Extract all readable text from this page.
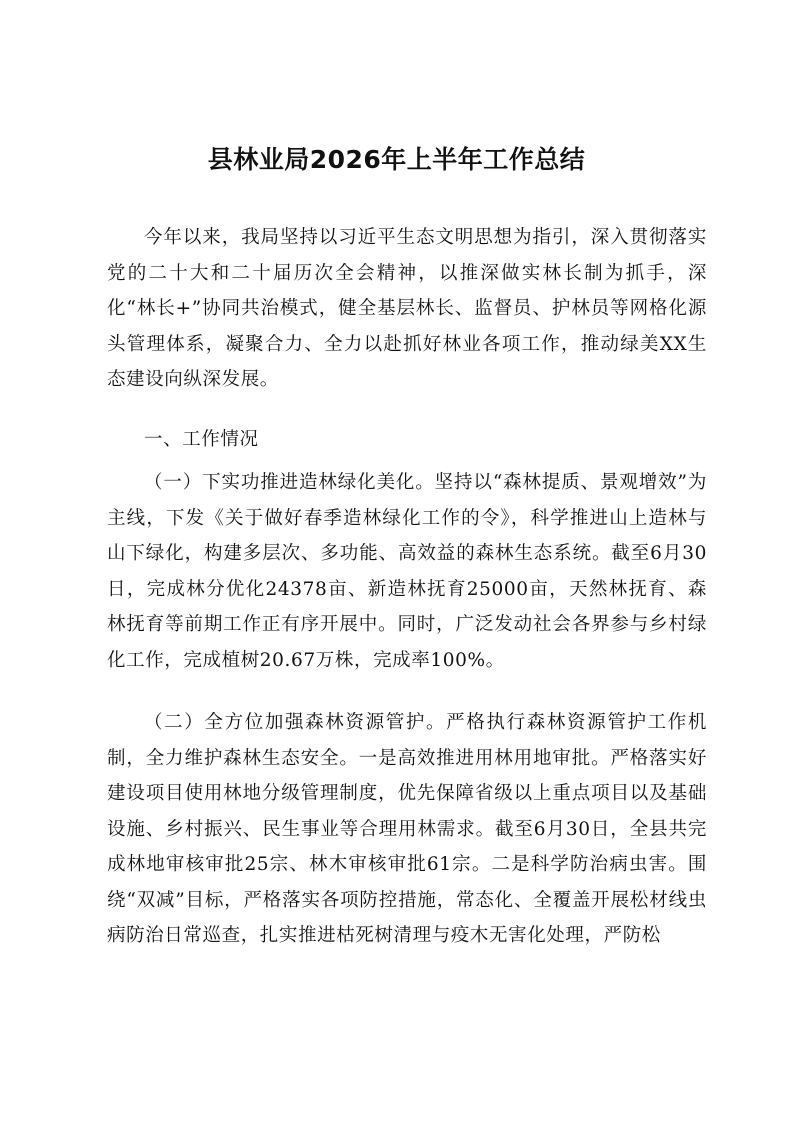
县林业局2026年上半年工作总结

今年以来，我局坚持以习近平生态文明思想为指引，深入贯彻落实党的二十大和二十届历次全会精神，以推深做实林长制为抓手，深化“林长+”协同共治模式，健全基层林长、监督员、护林员等网格化源头管理体系，凝聚合力、全力以赴抓好林业各项工作，推动绿美XX生态建设向纵深发展。

一、工作情况

（一）下实功推进造林绿化美化。坚持以“森林提质、景观增效”为主线，下发《关于做好春季造林绿化工作的令》，科学推进山上造林与山下绿化，构建多层次、多功能、高效益的森林生态系统。截至6月30日，完成林分优化24378亩、新造林抚育25000亩，天然林抚育、森林抚育等前期工作正有序开展中。同时，广泛发动社会各界参与乡村绿化工作，完成植树20.67万株，完成率100%。

（二）全方位加强森林资源管护。严格执行森林资源管护工作机制，全力维护森林生态安全。一是高效推进用林用地审批。严格落实好建设项目使用林地分级管理制度，优先保障省级以上重点项目以及基础设施、乡村振兴、民生事业等合理用林需求。截至6月30日，全县共完成林地审核审批25宗、林木审核审批61宗。二是科学防治病虫害。围绕“双减”目标，严格落实各项防控措施，常态化、全覆盖开展松材线虫病防治日常巡查，扎实推进枯死树清理与疫木无害化处理，严防松
